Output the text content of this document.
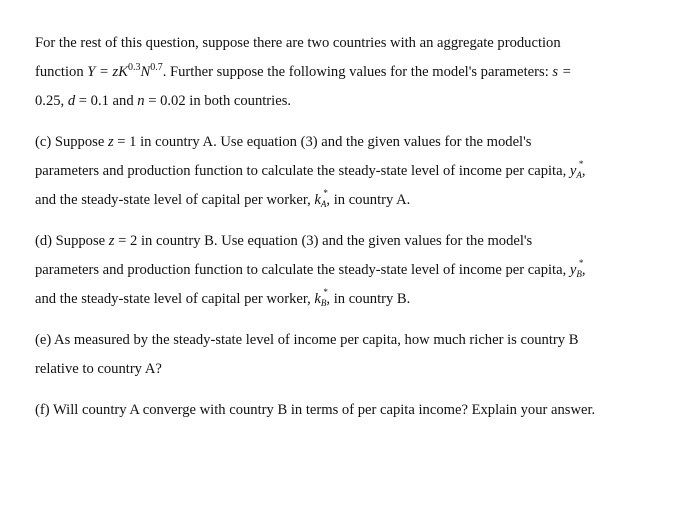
For the rest of this question, suppose there are two countries with an aggregate production
function $Y = zK^{0.3}N^{0.7}$. Further suppose the following values for the model's parameters: s =
0.25, d = 0.1 and n = 0.02 in both countries.
(c) Suppose z = 1 in country A. Use equation (3) and the given values for the model's
parameters and production function to calculate the steady-state level of income per capita, y *
$_A$,
and the steady-state level of capital per worker, k *
$_A$, in country A.
(d) Suppose z = 2 in country B. Use equation (3) and the given values for the model's
parameters and production function to calculate the steady-state level of income per capita, y *
$_B$,
and the steady-state level of capital per worker, k *
$_B$, in country B.
(e) As measured by the steady-state level of income per capita, how much richer is country B
relative to country A?
(f) Will country A converge with country B in terms of per capita income? Explain your answer.
